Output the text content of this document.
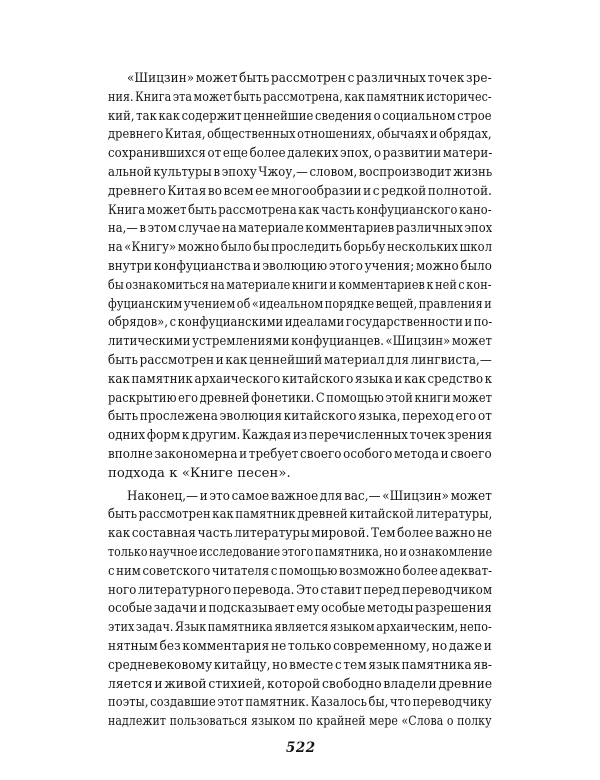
«Шицзин» может быть рассмотрен с различных точек зре-
ния. Книга эта может быть рассмотрена, как памятник историчес-
кий, так как содержит ценнейшие сведения о социальном строе
древнего Китая, общественных отношениях, обычаях и обрядах,
сохранившихся от еще более далеких эпох, о развитии матери-
альной культуры в эпоху Чжоу,— словом, воспроизводит жизнь
древнего Китая во всем ее многообразии и с редкой полнотой.
Книга может быть рассмотрена как часть конфуцианского кано-
на,— в этом случае на материале комментариев различных эпох
на «Книгу» можно было бы проследить борьбу нескольких школ
внутри конфуцианства и эволюцию этого учения; можно было
бы ознакомиться на материале книги и комментариев к ней с кон-
фуцианским учением об «идеальном порядке вещей, правления и
обрядов», с конфуцианскими идеалами государственности и по-
литическими устремлениями конфуцианцев. «Шицзин» может
быть рассмотрен и как ценнейший материал для лингвиста,—
как памятник архаического китайского языка и как средство к
раскрытию его древней фонетики. С помощью этой книги может
быть прослежена эволюция китайского языка, переход его от
одних форм к другим. Каждая из перечисленных точек зрения
вполне закономерна и требует своего особого метода и своего
подхода к «Книге песен».
Наконец,— и это самое важное для вас,— «Шицзин» может
быть рассмотрен как памятник древней китайской литературы,
как составная часть литературы мировой. Тем более важно не
только научное исследование этого памятника, но и ознакомление
с ним советского читателя с помощью возможно более адекват-
ного литературного перевода. Это ставит перед переводчиком
особые задачи и подсказывает ему особые методы разрешения
этих задач. Язык памятника является языком архаическим, непо-
нятным без комментария не только современному, но даже и
средневековому китайцу, но вместе с тем язык памятника яв-
ляется и живой стихией, которой свободно владели древние
поэты, создавшие этот памятник. Казалось бы, что переводчику
надлежит пользоваться языком по крайней мере «Слова о полку
522
